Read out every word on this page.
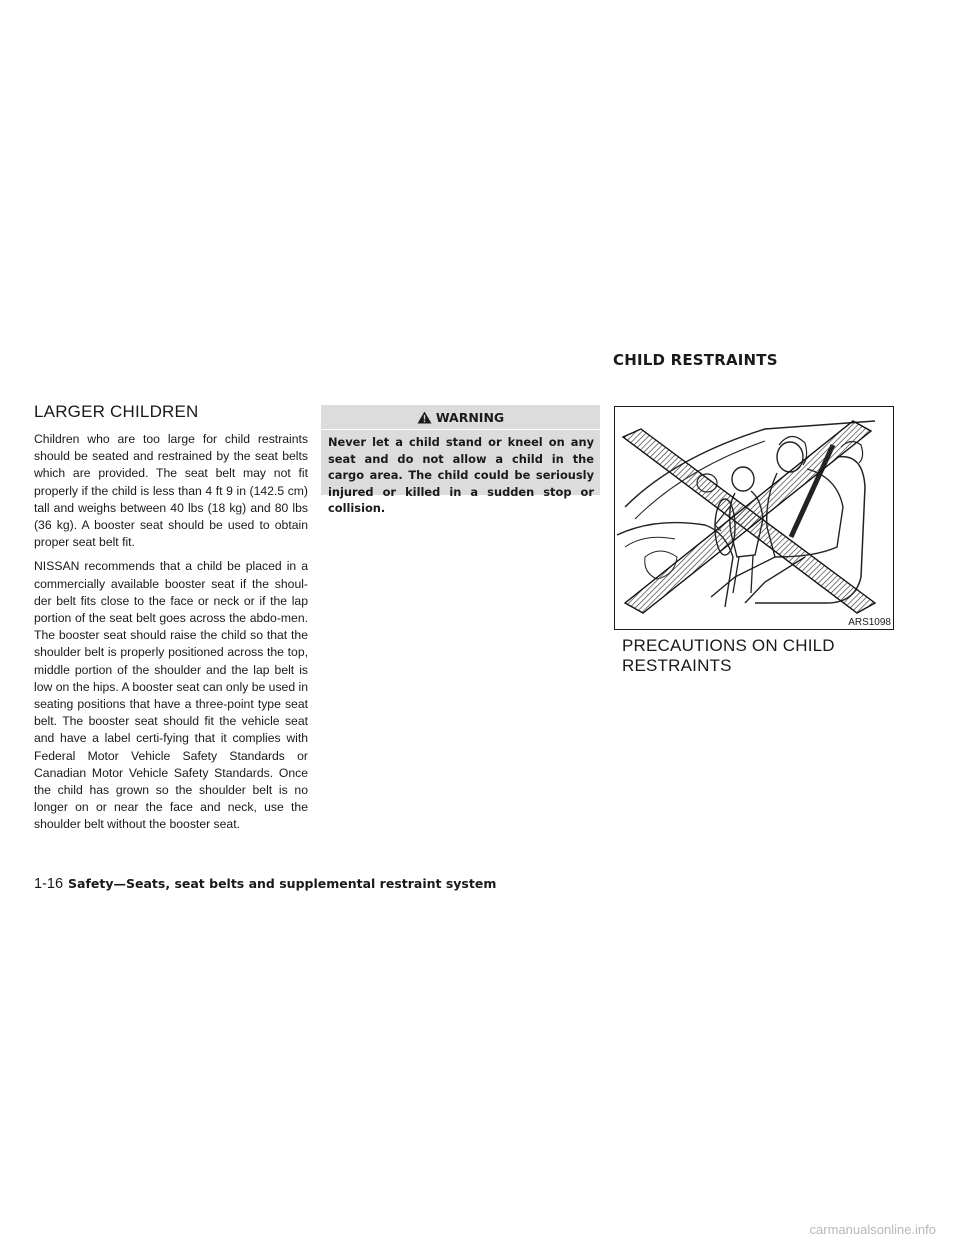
CHILD RESTRAINTS
LARGER CHILDREN

Children who are too large for child restraints should be seated and restrained by the seat belts which are provided. The seat belt may not fit properly if the child is less than 4 ft 9 in (142.5 cm) tall and weighs between 40 lbs (18 kg) and 80 lbs (36 kg). A booster seat should be used to obtain proper seat belt fit.

NISSAN recommends that a child be placed in a commercially available booster seat if the shoul-der belt fits close to the face or neck or if the lap portion of the seat belt goes across the abdo-men. The booster seat should raise the child so that the shoulder belt is properly positioned across the top, middle portion of the shoulder and the lap belt is low on the hips. A booster seat can only be used in seating positions that have a three-point type seat belt. The booster seat should fit the vehicle seat and have a label certi-fying that it complies with Federal Motor Vehicle Safety Standards or Canadian Motor Vehicle Safety Standards. Once the child has grown so the shoulder belt is no longer on or near the face and neck, use the shoulder belt without the booster seat.

WARNING
Never let a child stand or kneel on any seat and do not allow a child in the cargo area. The child could be seriously injured or killed in a sudden stop or collision.
ARS1098
PRECAUTIONS ON CHILD RESTRAINTS
1-16 Safety—Seats, seat belts and supplemental restraint system
carmanualsonline.info
